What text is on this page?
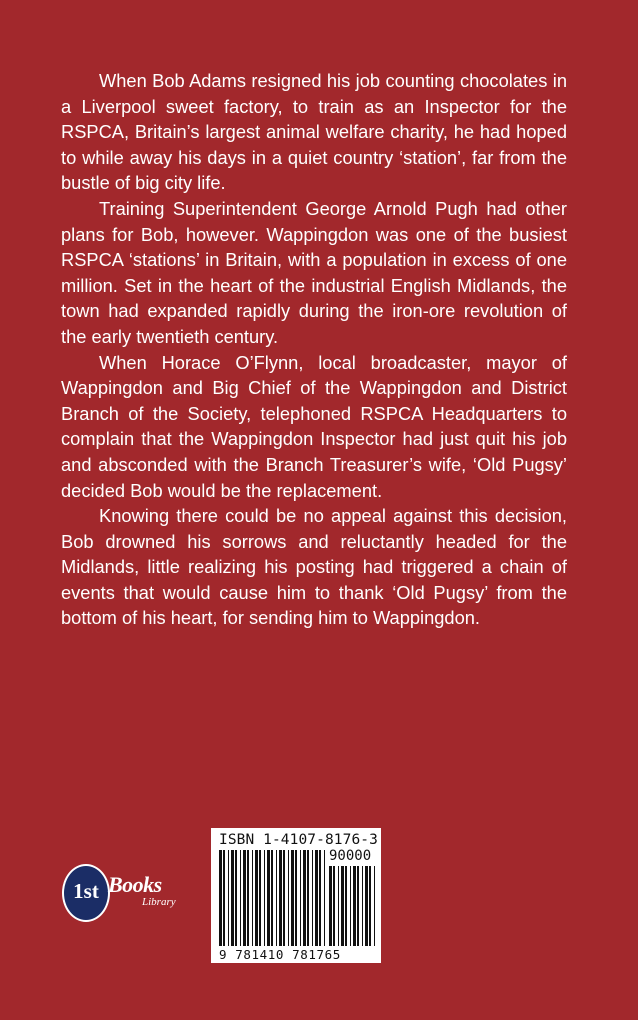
When Bob Adams resigned his job counting chocolates in a Liverpool sweet factory, to train as an Inspector for the RSPCA, Britain’s largest animal welfare charity, he had hoped to while away his days in a quiet country ‘station’, far from the bustle of big city life.

Training Superintendent George Arnold Pugh had other plans for Bob, however. Wappingdon was one of the busiest RSPCA ‘stations’ in Britain, with a population in excess of one million. Set in the heart of the industrial English Midlands, the town had expanded rapidly during the iron-ore revolution of the early twentieth century.

When Horace O’Flynn, local broadcaster, mayor of Wappingdon and Big Chief of the Wappingdon and District Branch of the Society, telephoned RSPCA Headquarters to complain that the Wappingdon Inspector had just quit his job and absconded with the Branch Treasurer’s wife, ‘Old Pugsy’ decided Bob would be the replacement.

Knowing there could be no appeal against this decision, Bob drowned his sorrows and reluctantly headed for the Midlands, little realizing his posting had triggered a chain of events that would cause him to thank ‘Old Pugsy’ from the bottom of his heart, for sending him to Wappingdon.

1st Books
Library
ISBN 1-4107-8176-3
90000
9 781410 781765
